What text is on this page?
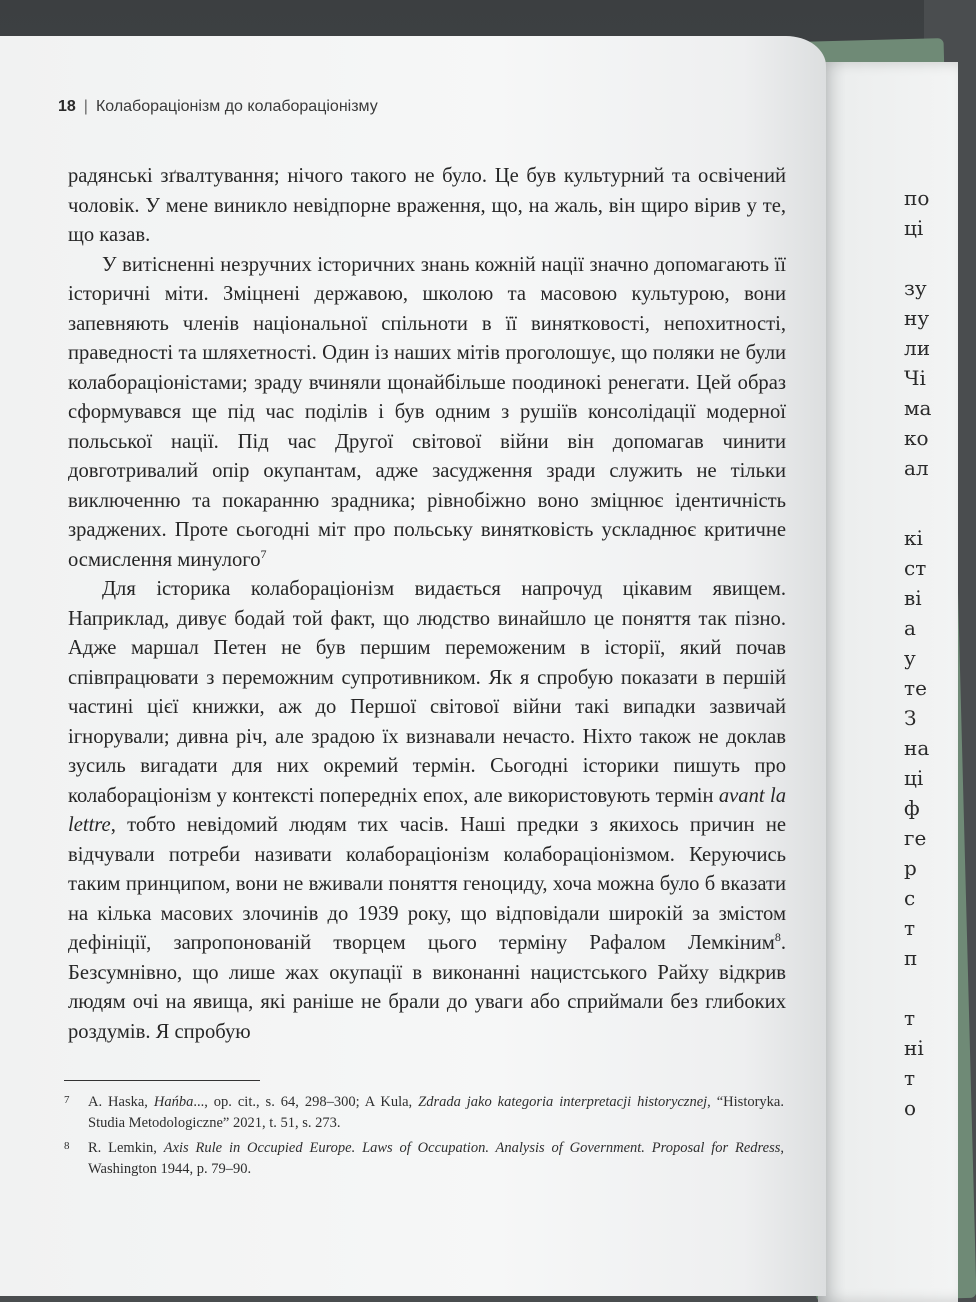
по
ці
зу
ну
ли
Чі
ма
ко
ал
кі
ст
ві
а
у
те
З
на
ці
ф
ге
р
с
т
п
т
ні
т
о
18 | Колабораціонізм до колабораціонізму

радянські зґвалтування; нічого такого не було. Це був культурний та освічений чоловік. У мене виникло невідпорне враження, що, на жаль, він щиро вірив у те, що казав.

У витісненні незручних історичних знань кожній нації значно допомагають її історичні міти. Зміцнені державою, школою та масовою культурою, вони запевняють членів національної спільноти в її винятковості, непохитності, праведності та шляхетності. Один із наших мітів проголошує, що поляки не були колабораціоністами; зраду вчиняли щонайбільше поодинокі ренегати. Цей образ сформувався ще під час поділів і був одним з рушіїв консолідації модерної польської нації. Під час Другої світової війни він допомагав чинити довготривалий опір окупантам, адже засудження зради служить не тільки виключенню та покаранню зрадника; рівнобіжно воно зміцнює ідентичність зраджених. Проте сьогодні міт про польську винятковість ускладнює критичне осмислення минулого$^7$

Для історика колабораціонізм видається напрочуд цікавим явищем. Наприклад, дивує бодай той факт, що людство винайшло це поняття так пізно. Адже маршал Петен не був першим переможеним в історії, який почав співпрацювати з переможним супротивником. Як я спробую показати в першій частині цієї книжки, аж до Першої світової війни такі випадки зазвичай ігнорували; дивна річ, але зрадою їх визнавали нечасто. Ніхто також не доклав зусиль вигадати для них окремий термін. Сьогодні історики пишуть про колабораціонізм у контексті попередніх епох, але використовують термін avant la lettre, тобто невідомий людям тих часів. Наші предки з якихось причин не відчували потреби називати колабораціонізм колабораціонізмом. Керуючись таким принципом, вони не вживали поняття геноциду, хоча можна було б вказати на кілька масових злочинів до 1939 року, що відповідали широкій за змістом дефініції, запропонованій творцем цього терміну Рафалом Лемкіним$^8$. Безсумнівно, що лише жах окупації в виконанні нацистського Райху відкрив людям очі на явища, які раніше не брали до уваги або сприймали без глибоких роздумів. Я спробую

7 A. Haska, Hańba..., op. cit., s. 64, 298–300; A Kula, Zdrada jako kategoria interpretacji historycznej, “Historyka. Studia Metodologiczne” 2021, t. 51, s. 273.
8 R. Lemkin, Axis Rule in Occupied Europe. Laws of Occupation. Analysis of Government. Proposal for Redress, Washington 1944, p. 79–90.
